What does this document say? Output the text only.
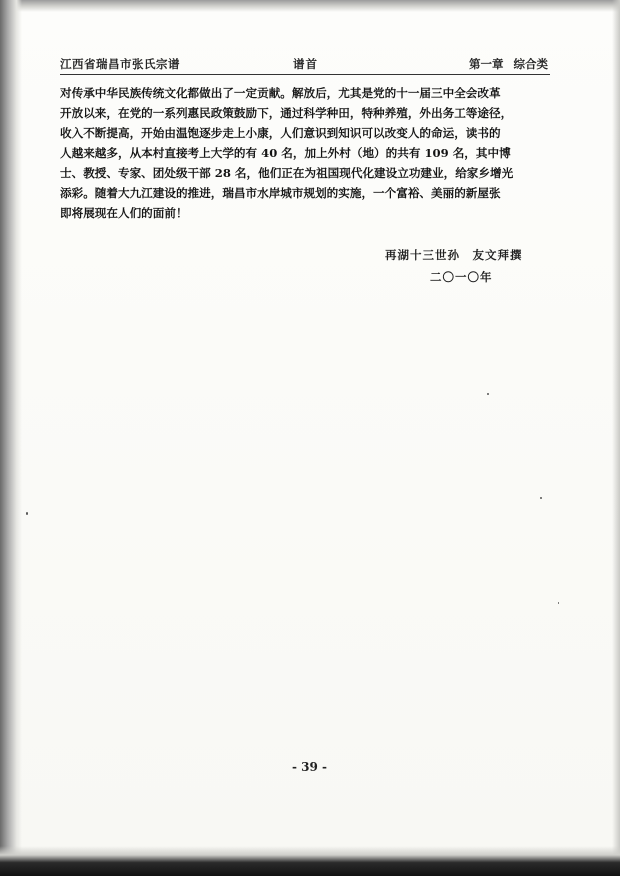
江西省瑞昌市张氏宗谱	谱首	第一章 综合类
对传承中华民族传统文化都做出了一定贡献。解放后，尤其是党的十一届三中全会改革
开放以来，在党的一系列惠民政策鼓励下，通过科学种田，特种养殖，外出务工等途径，
收入不断提高，开始由温饱逐步走上小康，人们意识到知识可以改变人的命运，读书的
人越来越多，从本村直接考上大学的有 40 名，加上外村（地）的共有 109 名，其中博
士、教授、专家、团处级干部 28 名，他们正在为祖国现代化建设立功建业，给家乡增光
添彩。随着大九江建设的推进，瑞昌市水岸城市规划的实施，一个富裕、美丽的新屋张
即将展现在人们的面前！
再湖十三世孙　友文拜撰
二〇一〇年
- 39 -
